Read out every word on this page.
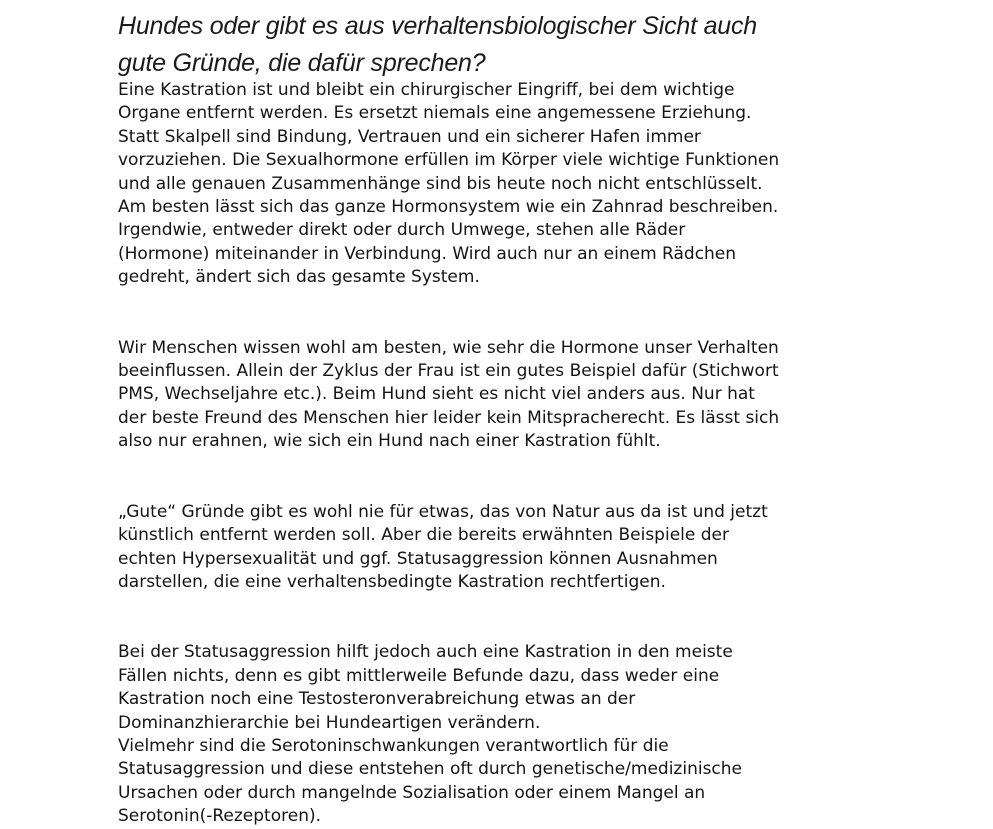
Hundes oder gibt es aus verhaltensbiologischer Sicht auch
gute Gründe, die dafür sprechen?

Eine Kastration ist und bleibt ein chirurgischer Eingriff, bei dem wichtige
Organe entfernt werden. Es ersetzt niemals eine angemessene Erziehung.
Statt Skalpell sind Bindung, Vertrauen und ein sicherer Hafen immer
vorzuziehen. Die Sexualhormone erfüllen im Körper viele wichtige Funktionen
und alle genauen Zusammenhänge sind bis heute noch nicht entschlüsselt.
Am besten lässt sich das ganze Hormonsystem wie ein Zahnrad beschreiben.
Irgendwie, entweder direkt oder durch Umwege, stehen alle Räder
(Hormone) miteinander in Verbindung. Wird auch nur an einem Rädchen
gedreht, ändert sich das gesamte System.

Wir Menschen wissen wohl am besten, wie sehr die Hormone unser Verhalten
beeinflussen. Allein der Zyklus der Frau ist ein gutes Beispiel dafür (Stichwort
PMS, Wechseljahre etc.). Beim Hund sieht es nicht viel anders aus. Nur hat
der beste Freund des Menschen hier leider kein Mitspracherecht. Es lässt sich
also nur erahnen, wie sich ein Hund nach einer Kastration fühlt.

„Gute“ Gründe gibt es wohl nie für etwas, das von Natur aus da ist und jetzt
künstlich entfernt werden soll. Aber die bereits erwähnten Beispiele der
echten Hypersexualität und ggf. Statusaggression können Ausnahmen
darstellen, die eine verhaltensbedingte Kastration rechtfertigen.

Bei der Statusaggression hilft jedoch auch eine Kastration in den meiste
Fällen nichts, denn es gibt mittlerweile Befunde dazu, dass weder eine
Kastration noch eine Testosteronverabreichung etwas an der
Dominanzhierarchie bei Hundeartigen verändern.
Vielmehr sind die Serotoninschwankungen verantwortlich für die
Statusaggression und diese entstehen oft durch genetische/medizinische
Ursachen oder durch mangelnde Sozialisation oder einem Mangel an
Serotonin(-Rezeptoren).
